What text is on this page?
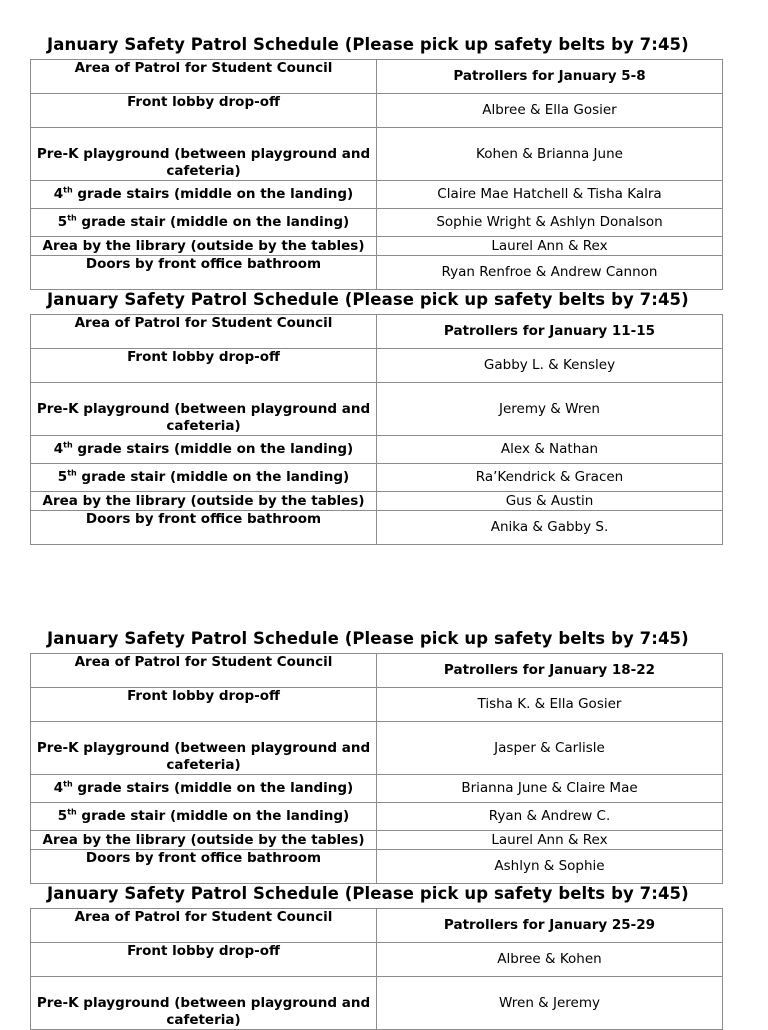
January Safety Patrol Schedule (Please pick up safety belts by 7:45)
Area of Patrol for Student Council	Patrollers for January 5-8
Front lobby drop-off	Albree & Ella Gosier
Pre-K playground (between playground and cafeteria)	Kohen & Brianna June
4th grade stairs (middle on the landing)	Claire Mae Hatchell & Tisha Kalra
5th grade stair (middle on the landing)	Sophie Wright & Ashlyn Donalson
Area by the library (outside by the tables)	Laurel Ann & Rex
Doors by front office bathroom	Ryan Renfroe & Andrew Cannon
January Safety Patrol Schedule (Please pick up safety belts by 7:45)
Area of Patrol for Student Council	Patrollers for January 11-15
Front lobby drop-off	Gabby L. & Kensley
Pre-K playground (between playground and cafeteria)	Jeremy & Wren
4th grade stairs (middle on the landing)	Alex & Nathan
5th grade stair (middle on the landing)	Ra’Kendrick & Gracen
Area by the library (outside by the tables)	Gus & Austin
Doors by front office bathroom	Anika & Gabby S.
January Safety Patrol Schedule (Please pick up safety belts by 7:45)
Area of Patrol for Student Council	Patrollers for January 18-22
Front lobby drop-off	Tisha K. & Ella Gosier
Pre-K playground (between playground and cafeteria)	Jasper & Carlisle
4th grade stairs (middle on the landing)	Brianna June & Claire Mae
5th grade stair (middle on the landing)	Ryan & Andrew C.
Area by the library (outside by the tables)	Laurel Ann & Rex
Doors by front office bathroom	Ashlyn & Sophie
January Safety Patrol Schedule (Please pick up safety belts by 7:45)
Area of Patrol for Student Council	Patrollers for January 25-29
Front lobby drop-off	Albree & Kohen
Pre-K playground (between playground and cafeteria)	Wren & Jeremy
